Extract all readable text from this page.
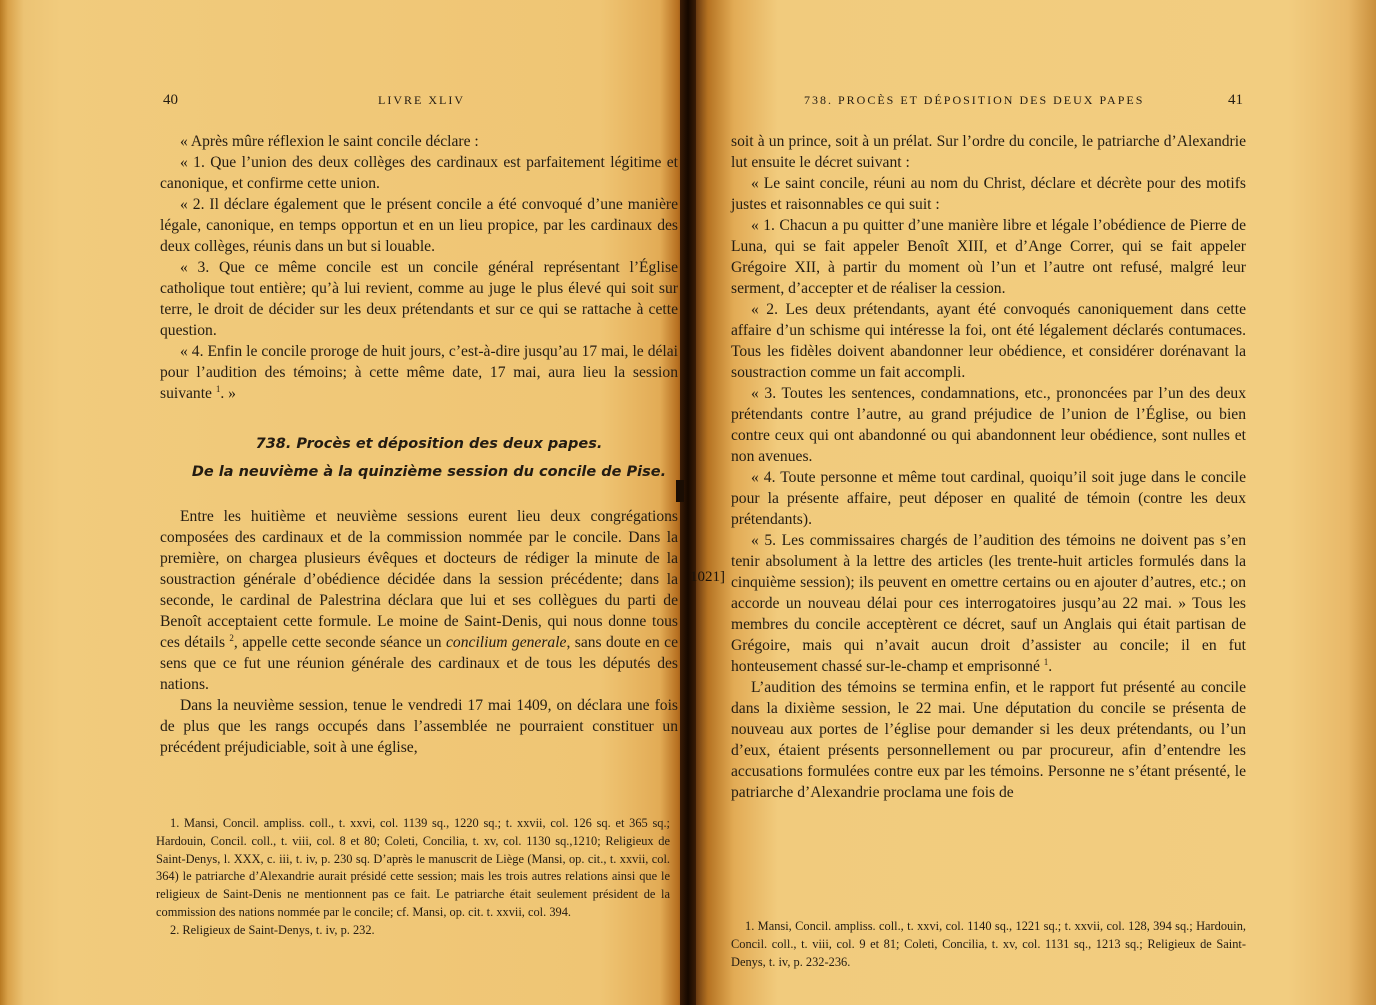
40	LIVRE XLIV

« Après mûre réflexion le saint concile déclare :

« 1. Que l’union des deux collèges des cardinaux est parfaitement légitime et canonique, et confirme cette union.

« 2. Il déclare également que le présent concile a été convoqué d’une manière légale, canonique, en temps opportun et en un lieu propice, par les cardinaux des deux collèges, réunis dans un but si louable.

« 3. Que ce même concile est un concile général représentant l’Église catholique tout entière; qu’à lui revient, comme au juge le plus élevé qui soit sur terre, le droit de décider sur les deux prétendants et sur ce qui se rattache à cette question.

« 4. Enfin le concile proroge de huit jours, c’est-à-dire jusqu’au 17 mai, le délai pour l’audition des témoins; à cette même date, 17 mai, aura lieu la session suivante $^1$. »

738. Procès et déposition des deux papes.

De la neuvième à la quinzième session du concile de Pise.

Entre les huitième et neuvième sessions eurent lieu deux congrégations composées des cardinaux et de la commission nommée par le concile. Dans la première, on chargea plusieurs évêques et docteurs de rédiger la minute de la soustraction générale d’obédience décidée dans la session précédente; dans la seconde, le cardinal de Palestrina déclara que lui et ses collègues du parti de Benoît acceptaient cette formule. Le moine de Saint-Denis, qui nous donne tous ces détails $^2$, appelle cette seconde séance un concilium generale, sans doute en ce sens que ce fut une réunion générale des cardinaux et de tous les députés des nations.

Dans la neuvième session, tenue le vendredi 17 mai 1409, on déclara une fois de plus que les rangs occupés dans l’assemblée ne pourraient constituer un précédent préjudiciable, soit à une église,

1. Mansi, Concil. ampliss. coll., t. xxvi, col. 1139 sq., 1220 sq.; t. xxvii, col. 126 sq. et 365 sq.; Hardouin, Concil. coll., t. viii, col. 8 et 80; Coleti, Concilia, t. xv, col. 1130 sq.,1210; Religieux de Saint-Denys, l. XXX, c. iii, t. iv, p. 230 sq. D’après le manuscrit de Liège (Mansi, op. cit., t. xxvii, col. 364) le patriarche d’Alexandrie aurait présidé cette session; mais les trois autres relations ainsi que le religieux de Saint-Denis ne mentionnent pas ce fait. Le patriarche était seulement président de la commission des nations nommée par le concile; cf. Mansi, op. cit. t. xxvii, col. 394.

2. Religieux de Saint-Denys, t. iv, p. 232.

738. PROCÈS ET DÉPOSITION DES DEUX PAPES	41

soit à un prince, soit à un prélat. Sur l’ordre du concile, le patriarche d’Alexandrie lut ensuite le décret suivant :

« Le saint concile, réuni au nom du Christ, déclare et décrète pour des motifs justes et raisonnables ce qui suit :

« 1. Chacun a pu quitter d’une manière libre et légale l’obédience de Pierre de Luna, qui se fait appeler Benoît XIII, et d’Ange Correr, qui se fait appeler Grégoire XII, à partir du moment où l’un et l’autre ont refusé, malgré leur serment, d’accepter et de réaliser la cession.

« 2. Les deux prétendants, ayant été convoqués canoniquement dans cette affaire d’un schisme qui intéresse la foi, ont été légalement déclarés contumaces. Tous les fidèles doivent abandonner leur obédience, et considérer dorénavant la soustraction comme un fait accompli.

« 3. Toutes les sentences, condamnations, etc., prononcées par l’un des deux prétendants contre l’autre, au grand préjudice de l’union de l’Église, ou bien contre ceux qui ont abandonné ou qui abandonnent leur obédience, sont nulles et non avenues.

« 4. Toute personne et même tout cardinal, quoiqu’il soit juge dans le concile pour la présente affaire, peut déposer en qualité de témoin (contre les deux prétendants).

« 5. Les commissaires chargés de l’audition des témoins ne doivent pas s’en tenir absolument à la lettre des articles (les trente-huit articles formulés dans la cinquième session); ils peuvent en omettre certains ou en ajouter d’autres, etc.; on accorde un nouveau délai pour ces interrogatoires jusqu’au 22 mai. » Tous les membres du concile acceptèrent ce décret, sauf un Anglais qui était partisan de Grégoire, mais qui n’avait aucun droit d’assister au concile; il en fut honteusement chassé sur-le-champ et emprisonné $^1$.

L’audition des témoins se termina enfin, et le rapport fut présenté au concile dans la dixième session, le 22 mai. Une députation du concile se présenta de nouveau aux portes de l’église pour demander si les deux prétendants, ou l’un d’eux, étaient présents personnellement ou par procureur, afin d’entendre les accusations formulées contre eux par les témoins. Personne ne s’étant présenté, le patriarche d’Alexandrie proclama une fois de

1. Mansi, Concil. ampliss. coll., t. xxvi, col. 1140 sq., 1221 sq.; t. xxvii, col. 128, 394 sq.; Hardouin, Concil. coll., t. viii, col. 9 et 81; Coleti, Concilia, t. xv, col. 1131 sq., 1213 sq.; Religieux de Saint-Denys, t. iv, p. 232-236.

1021]
